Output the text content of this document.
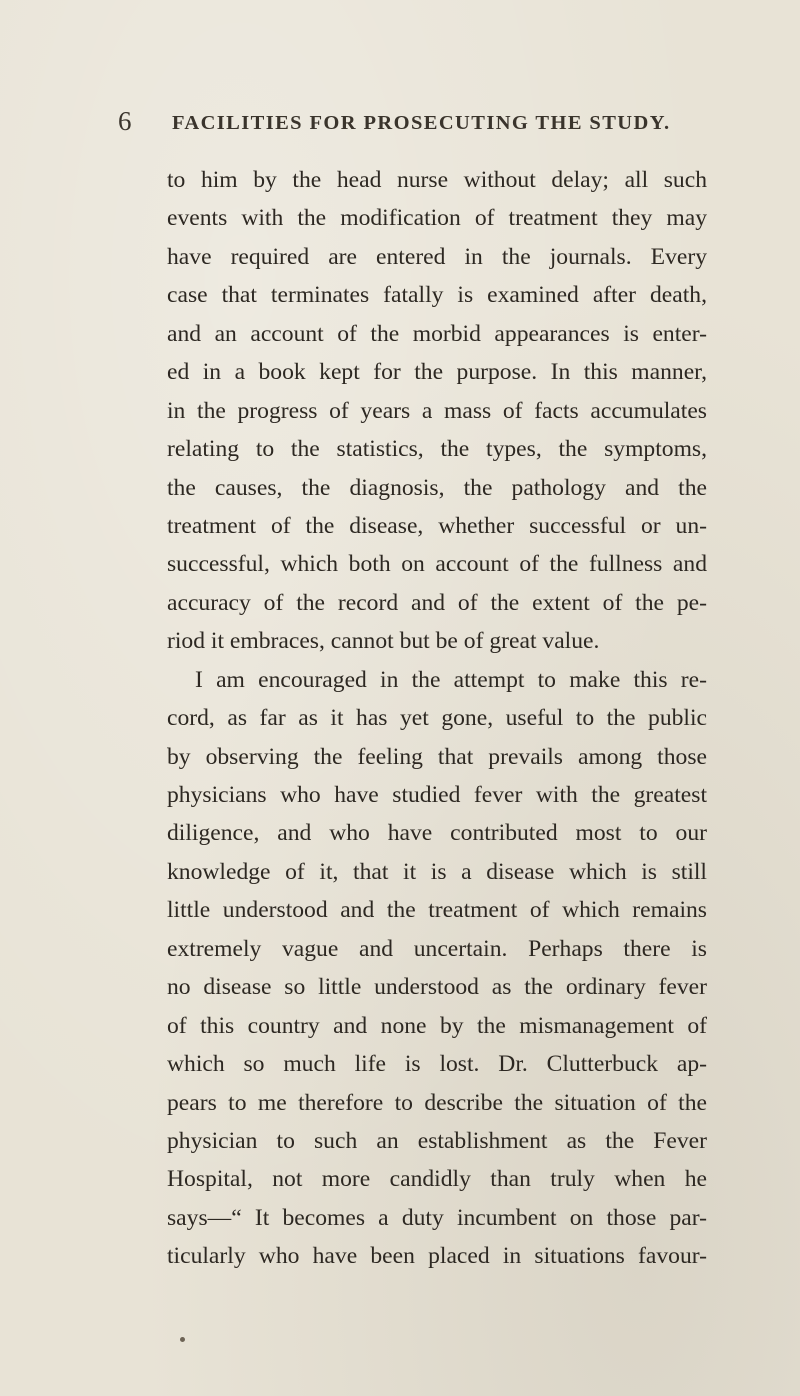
6 FACILITIES FOR PROSECUTING THE STUDY.
to him by the head nurse without delay; all such
events with the modification of treatment they may
have required are entered in the journals. Every
case that terminates fatally is examined after death,
and an account of the morbid appearances is enter-
ed in a book kept for the purpose. In this manner,
in the progress of years a mass of facts accumulates
relating to the statistics, the types, the symptoms,
the causes, the diagnosis, the pathology and the
treatment of the disease, whether successful or un-
successful, which both on account of the fullness and
accuracy of the record and of the extent of the pe-
riod it embraces, cannot but be of great value.
I am encouraged in the attempt to make this re-
cord, as far as it has yet gone, useful to the public
by observing the feeling that prevails among those
physicians who have studied fever with the greatest
diligence, and who have contributed most to our
knowledge of it, that it is a disease which is still
little understood and the treatment of which remains
extremely vague and uncertain. Perhaps there is
no disease so little understood as the ordinary fever
of this country and none by the mismanagement of
which so much life is lost. Dr. Clutterbuck ap-
pears to me therefore to describe the situation of the
physician to such an establishment as the Fever
Hospital, not more candidly than truly when he
says—“ It becomes a duty incumbent on those par-
ticularly who have been placed in situations favour-
